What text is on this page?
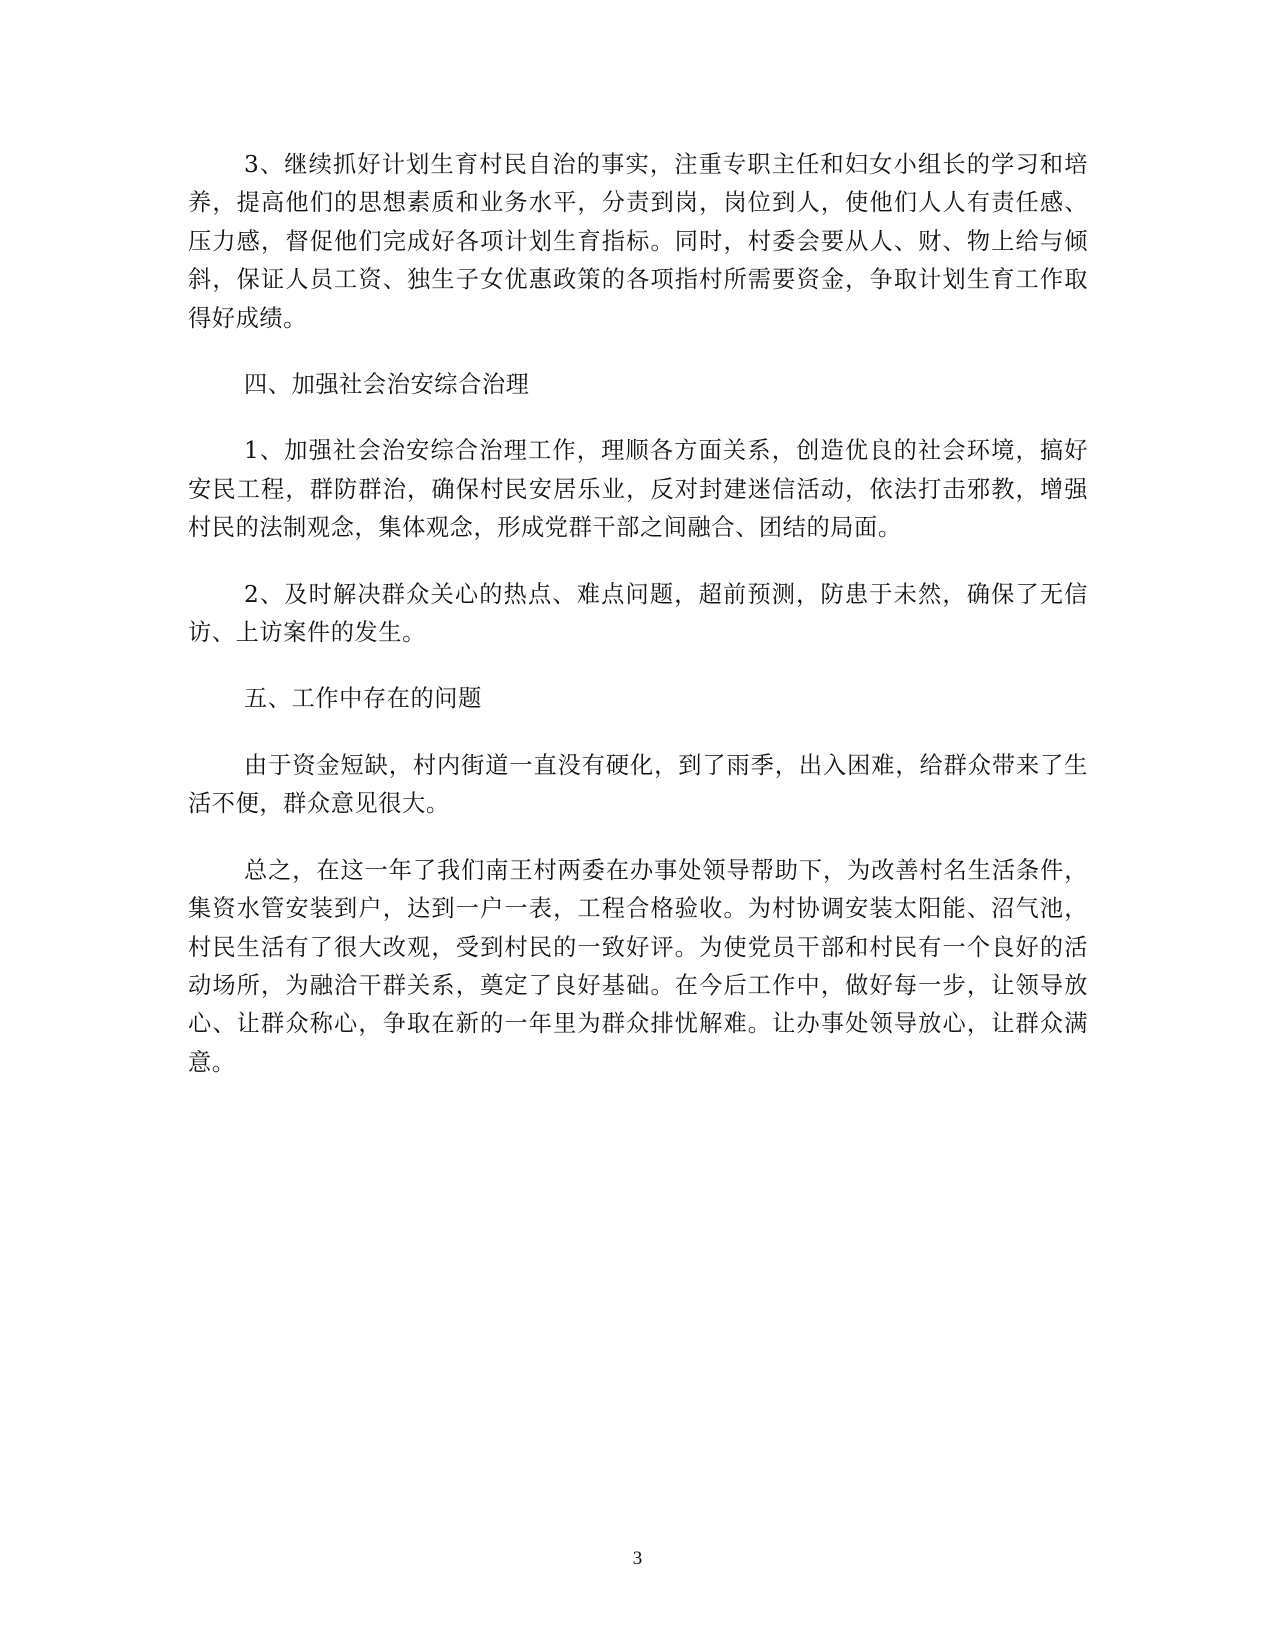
3、继续抓好计划生育村民自治的事实，注重专职主任和妇女小组长的学习和培养，提高他们的思想素质和业务水平，分责到岗，岗位到人，使他们人人有责任感、压力感，督促他们完成好各项计划生育指标。同时，村委会要从人、财、物上给与倾斜，保证人员工资、独生子女优惠政策的各项指村所需要资金，争取计划生育工作取得好成绩。

四、加强社会治安综合治理

1、加强社会治安综合治理工作，理顺各方面关系，创造优良的社会环境，搞好安民工程，群防群治，确保村民安居乐业，反对封建迷信活动，依法打击邪教，增强村民的法制观念，集体观念，形成党群干部之间融合、团结的局面。

2、及时解决群众关心的热点、难点问题，超前预测，防患于未然，确保了无信访、上访案件的发生。

五、工作中存在的问题

由于资金短缺，村内街道一直没有硬化，到了雨季，出入困难，给群众带来了生活不便，群众意见很大。

总之，在这一年了我们南王村两委在办事处领导帮助下，为改善村名生活条件，集资水管安装到户，达到一户一表，工程合格验收。为村协调安装太阳能、沼气池，村民生活有了很大改观，受到村民的一致好评。为使党员干部和村民有一个良好的活动场所，为融洽干群关系，奠定了良好基础。在今后工作中，做好每一步，让领导放心、让群众称心，争取在新的一年里为群众排忧解难。让办事处领导放心，让群众满意。

3
